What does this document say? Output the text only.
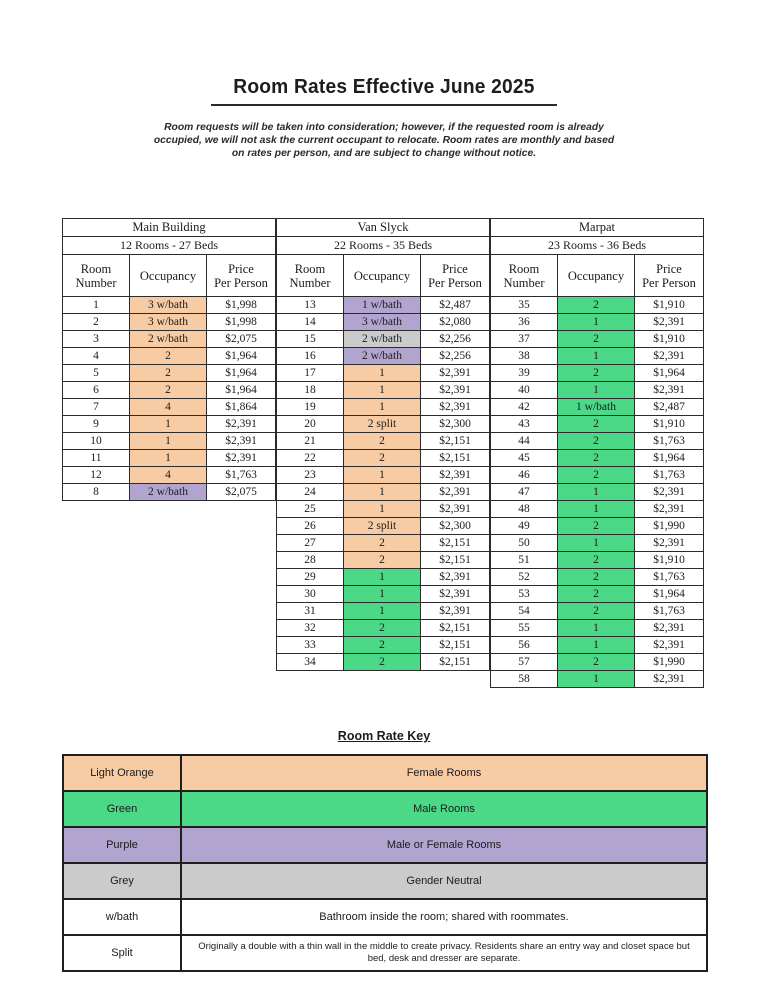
Room Rates Effective June 2025
Room requests will be taken into consideration; however, if the requested room is already
occupied, we will not ask the current occupant to relocate. Room rates are monthly and based
on rates per person, and are subject to change without notice.
Main Building		
12 Rooms - 27 Beds		
Room
Number	Occupancy	Price
Per Person
1	3 w/bath	$1,998
2	3 w/bath	$1,998
3	2 w/bath	$2,075
4	2	$1,964
5	2	$1,964
6	2	$1,964
7	4	$1,864
9	1	$2,391
10	1	$2,391
11	1	$2,391
12	4	$1,763
8	2 w/bath	$2,075
Van Slyck		
22 Rooms - 35 Beds		
Room
Number	Occupancy	Price
Per Person
13	1 w/bath	$2,487
14	3 w/bath	$2,080
15	2 w/bath	$2,256
16	2 w/bath	$2,256
17	1	$2,391
18	1	$2,391
19	1	$2,391
20	2 split	$2,300
21	2	$2,151
22	2	$2,151
23	1	$2,391
24	1	$2,391
25	1	$2,391
26	2 split	$2,300
27	2	$2,151
28	2	$2,151
29	1	$2,391
30	1	$2,391
31	1	$2,391
32	2	$2,151
33	2	$2,151
34	2	$2,151
Marpat		
23 Rooms - 36 Beds		
Room
Number	Occupancy	Price
Per Person
35	2	$1,910
36	1	$2,391
37	2	$1,910
38	1	$2,391
39	2	$1,964
40	1	$2,391
42	1 w/bath	$2,487
43	2	$1,910
44	2	$1,763
45	2	$1,964
46	2	$1,763
47	1	$2,391
48	1	$2,391
49	2	$1,990
50	1	$2,391
51	2	$1,910
52	2	$1,763
53	2	$1,964
54	2	$1,763
55	1	$2,391
56	1	$2,391
57	2	$1,990
58	1	$2,391
Room Rate Key
Light Orange	Female Rooms
Green	Male Rooms
Purple	Male or Female Rooms
Grey	Gender Neutral
w/bath	Bathroom inside the room; shared with roommates.
Split	Originally a double with a thin wall in the middle to create privacy. Residents share an entry way and closet space but bed, desk and dresser are separate.
